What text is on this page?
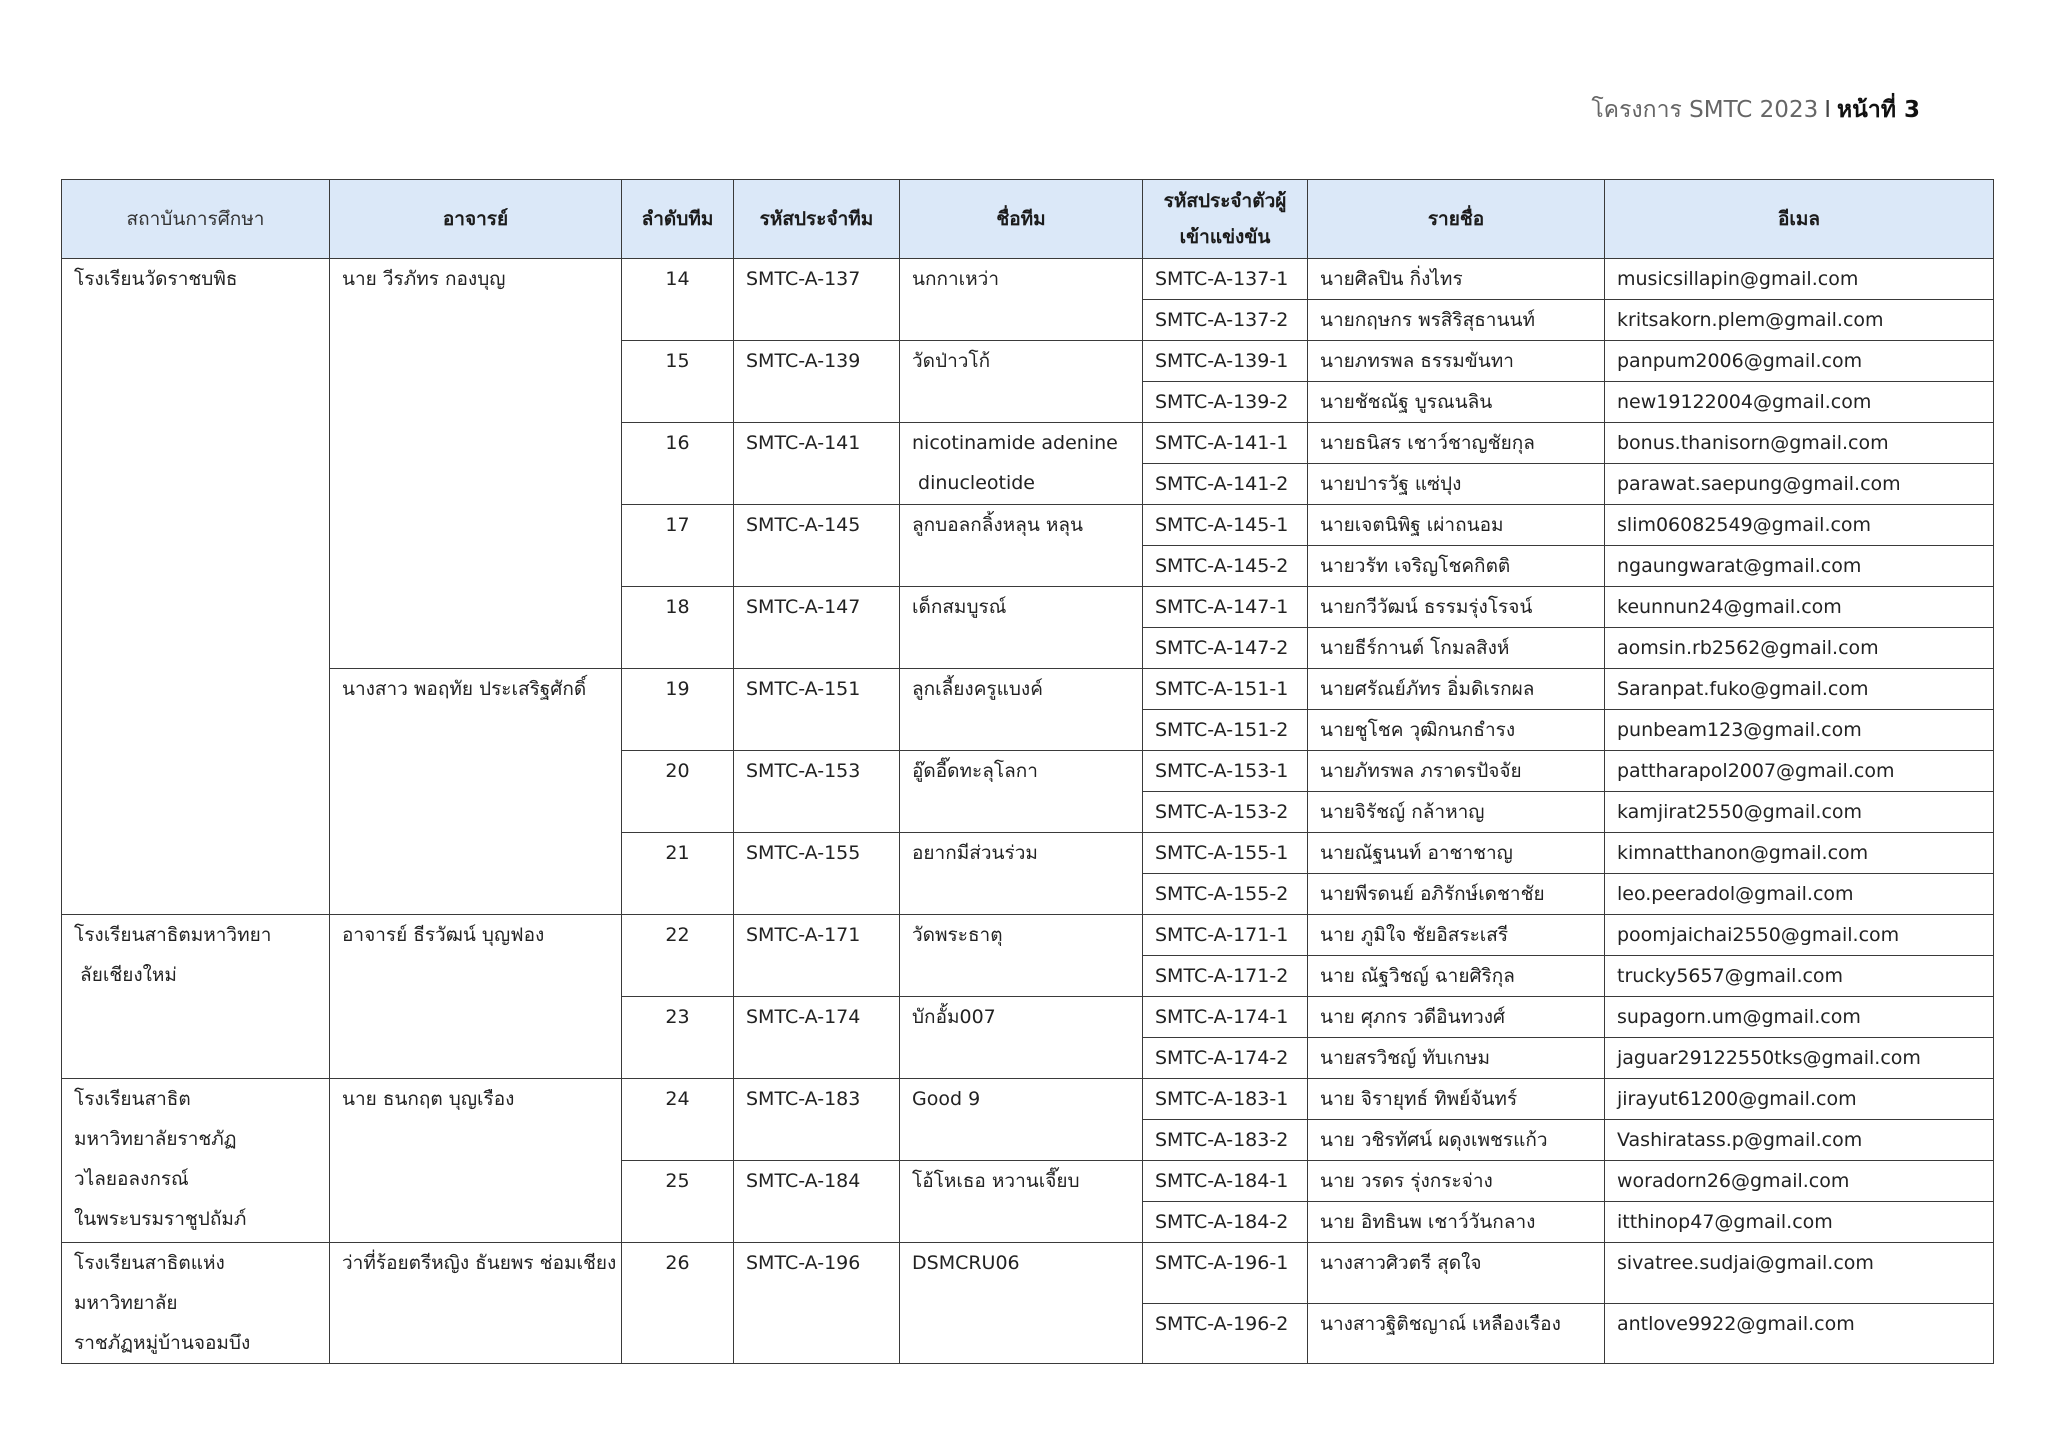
โครงการ SMTC 2023 I หน้าที่ 3
สถาบันการศึกษา	อาจารย์	ลำดับทีม	รหัสประจำทีม	ชื่อทีม	รหัสประจำตัวผู้
เข้าแข่งขัน	รายชื่อ	อีเมล
โรงเรียนวัดราชบพิธ	นาย วีรภัทร กองบุญ	14	SMTC-A-137	นกกาเหว่า	SMTC-A-137-1	นายศิลปิน กิ่งไทร	musicsillapin@gmail.com
					SMTC-A-137-2	นายกฤษกร พรสิริสุธานนท์	kritsakorn.plem@gmail.com
		15	SMTC-A-139	วัดป่าวโก้	SMTC-A-139-1	นายภทรพล ธรรมขันทา	panpum2006@gmail.com
					SMTC-A-139-2	นายชัชณัฐ บูรณนลิน	new19122004@gmail.com
		16	SMTC-A-141	nicotinamide adenine
dinucleotide	SMTC-A-141-1	นายธนิสร เชาว์ชาญชัยกุล	bonus.thanisorn@gmail.com
					SMTC-A-141-2	นายปารวัฐ แซ่ปุง	parawat.saepung@gmail.com
		17	SMTC-A-145	ลูกบอลกลิ้งหลุน หลุน	SMTC-A-145-1	นายเจตนิพิฐ เผ่าถนอม	slim06082549@gmail.com
					SMTC-A-145-2	นายวรัท เจริญโชคกิตติ	ngaungwarat@gmail.com
		18	SMTC-A-147	เด็กสมบูรณ์	SMTC-A-147-1	นายกวีวัฒน์ ธรรมรุ่งโรจน์	keunnun24@gmail.com
					SMTC-A-147-2	นายธีร์กานต์ โกมลสิงห์	aomsin.rb2562@gmail.com
	นางสาว พอฤทัย ประเสริฐศักดิ์	19	SMTC-A-151	ลูกเลี้ยงครูแบงค์	SMTC-A-151-1	นายศรัณย์ภัทร อิ่มดิเรกผล	Saranpat.fuko@gmail.com
					SMTC-A-151-2	นายชูโชค วุฒิกนกธำรง	punbeam123@gmail.com
		20	SMTC-A-153	อู๊ดอี๊ดทะลุโลกา	SMTC-A-153-1	นายภัทรพล ภราดรปัจจัย	pattharapol2007@gmail.com
					SMTC-A-153-2	นายจิรัชญ์ กล้าหาญ	kamjirat2550@gmail.com
		21	SMTC-A-155	อยากมีส่วนร่วม	SMTC-A-155-1	นายณัฐนนท์ อาชาชาญ	kimnatthanon@gmail.com
					SMTC-A-155-2	นายพีรดนย์ อภิรักษ์เดชาชัย	leo.peeradol@gmail.com
โรงเรียนสาธิตมหาวิทยา
ลัยเชียงใหม่	อาจารย์ ธีรวัฒน์ บุญฟอง	22	SMTC-A-171	วัดพระธาตุ	SMTC-A-171-1	นาย ภูมิใจ ชัยอิสระเสรี	poomjaichai2550@gmail.com
					SMTC-A-171-2	นาย ณัฐวิชญ์ ฉายศิริกุล	trucky5657@gmail.com
		23	SMTC-A-174	บักอั้ม007	SMTC-A-174-1	นาย ศุภกร วดีอินทวงศ์	supagorn.um@gmail.com
					SMTC-A-174-2	นายสรวิชญ์ ทับเกษม	jaguar29122550tks@gmail.com
โรงเรียนสาธิต
มหาวิทยาลัยราชภัฏ
วไลยอลงกรณ์
ในพระบรมราชูปถัมภ์	นาย ธนกฤต บุญเรือง	24	SMTC-A-183	Good 9	SMTC-A-183-1	นาย จิรายุทธ์ ทิพย์จันทร์	jirayut61200@gmail.com
					SMTC-A-183-2	นาย วชิรทัศน์ ผดุงเพชรแก้ว	Vashiratass.p@gmail.com
		25	SMTC-A-184	โอ้โหเธอ หวานเจี๊ยบ	SMTC-A-184-1	นาย วรดร รุ่งกระจ่าง	woradorn26@gmail.com
					SMTC-A-184-2	นาย อิทธินพ เชาว์วันกลาง	itthinop47@gmail.com
โรงเรียนสาธิตแห่งมหาวิทยาลัย
ราชภัฏหมู่บ้านจอมบึง	ว่าที่ร้อยตรีหญิง ธันยพร ช่อมเชียง	26	SMTC-A-196	DSMCRU06	SMTC-A-196-1	นางสาวศิวตรี สุดใจ	sivatree.sudjai@gmail.com
					SMTC-A-196-2	นางสาวฐิติชญาณ์ เหลืองเรือง	antlove9922@gmail.com
